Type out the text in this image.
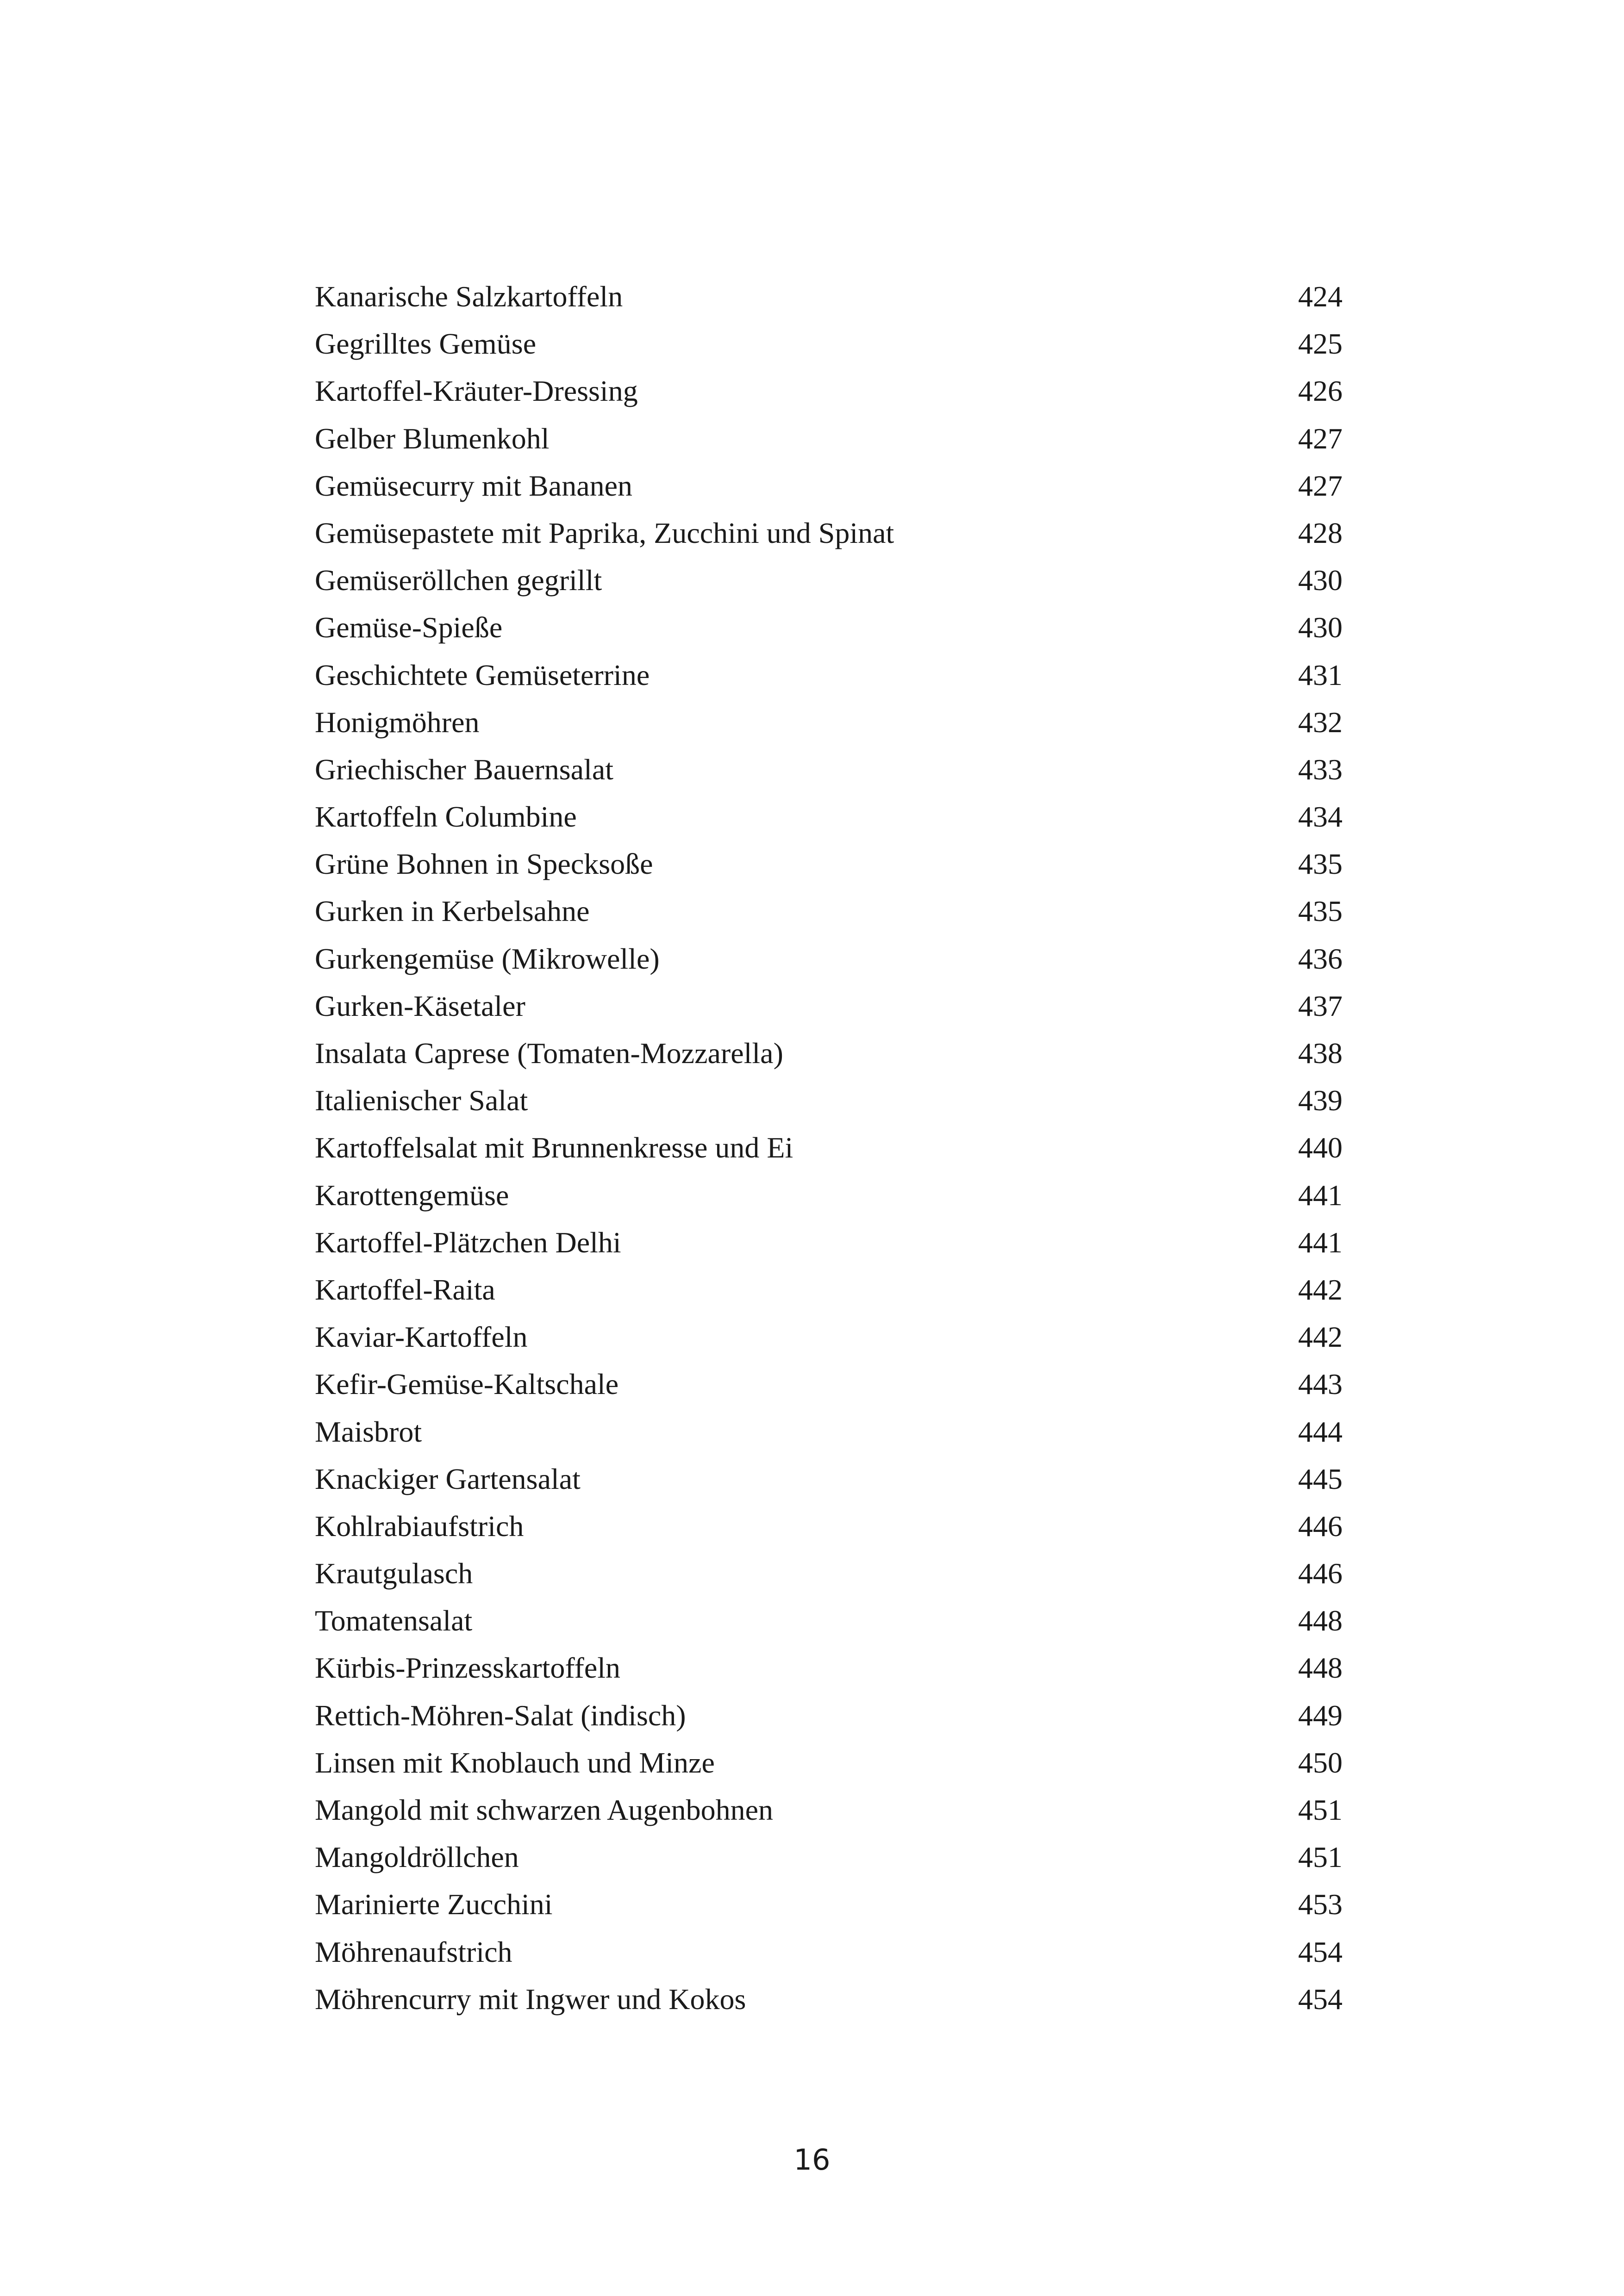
Kanarische Salzkartoffeln	424
Gegrilltes Gemüse	425
Kartoffel-Kräuter-Dressing	426
Gelber Blumenkohl	427
Gemüsecurry mit Bananen	427
Gemüsepastete mit Paprika, Zucchini und Spinat	428
Gemüseröllchen gegrillt	430
Gemüse-Spieße	430
Geschichtete Gemüseterrine	431
Honigmöhren	432
Griechischer Bauernsalat	433
Kartoffeln Columbine	434
Grüne Bohnen in Specksoße	435
Gurken in Kerbelsahne	435
Gurkengemüse (Mikrowelle)	436
Gurken-Käsetaler	437
Insalata Caprese (Tomaten-Mozzarella)	438
Italienischer Salat	439
Kartoffelsalat mit Brunnenkresse und Ei	440
Karottengemüse	441
Kartoffel-Plätzchen Delhi	441
Kartoffel-Raita	442
Kaviar-Kartoffeln	442
Kefir-Gemüse-Kaltschale	443
Maisbrot	444
Knackiger Gartensalat	445
Kohlrabiaufstrich	446
Krautgulasch	446
Tomatensalat	448
Kürbis-Prinzesskartoffeln	448
Rettich-Möhren-Salat (indisch)	449
Linsen mit Knoblauch und Minze	450
Mangold mit schwarzen Augenbohnen	451
Mangoldröllchen	451
Marinierte Zucchini	453
Möhrenaufstrich	454
Möhrencurry mit Ingwer und Kokos	454
16
